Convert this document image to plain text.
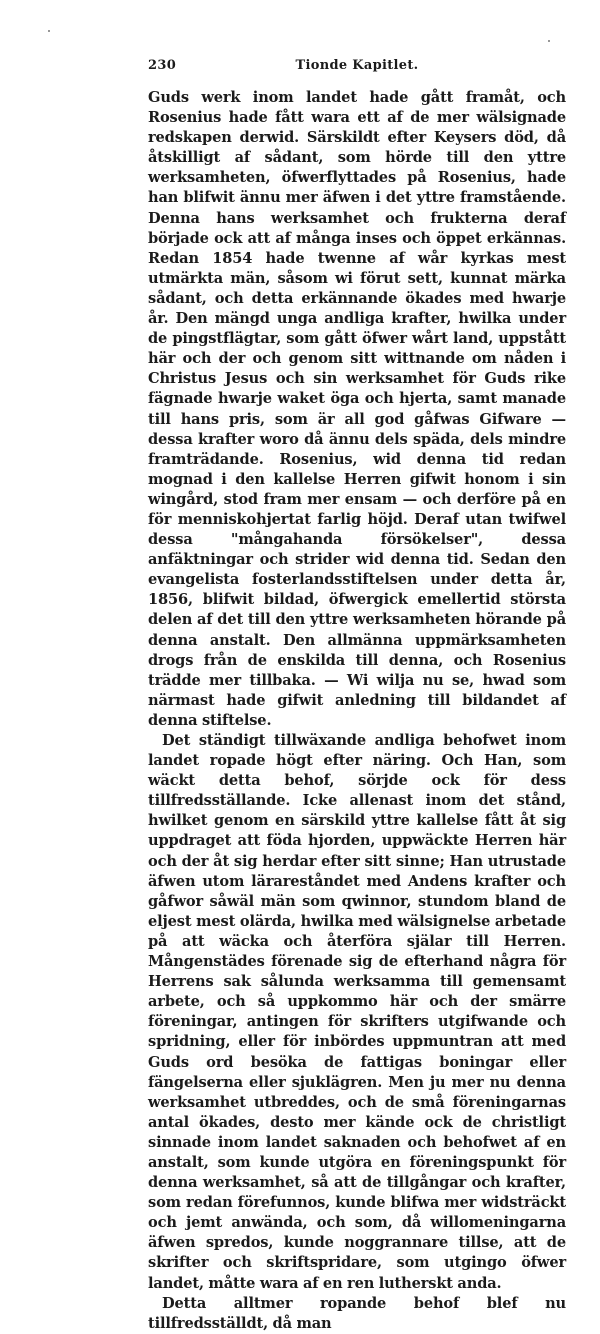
230	Tionde Kapitlet.

Guds werk inom landet hade gått framåt, och Rosenius hade fått wara ett af de mer wälsignade redskapen derwid. Särskildt efter Keysers död, då åtskilligt af sådant, som hörde till den yttre werksamheten, öfwerflyttades på Rosenius, hade han blifwit ännu mer äfwen i det yttre framstående. Denna hans werksamhet och frukterna deraf började ock att af många inses och öppet erkännas. Redan 1854 hade twenne af wår kyrkas mest utmärkta män, såsom wi förut sett, kunnat märka sådant, och detta erkännande ökades med hwarje år. Den mängd unga andliga krafter, hwilka under de pingstflägtar, som gått öfwer wårt land, uppstått här och der och genom sitt wittnande om nåden i Christus Jesus och sin werksamhet för Guds rike fägnade hwarje waket öga och hjerta, samt manade till hans pris, som är all god gåfwas Gifware — dessa krafter woro då ännu dels späda, dels mindre framträdande. Rosenius, wid denna tid redan mognad i den kallelse Herren gifwit honom i sin wingård, stod fram mer ensam — och derföre på en för menniskohjertat farlig höjd. Deraf utan twifwel dessa "mångahanda försökelser", dessa anfäktningar och strider wid denna tid. Sedan den evangelista fosterlandsstiftelsen under detta år, 1856, blifwit bildad, öfwergick emellertid största delen af det till den yttre werksamheten hörande på denna anstalt. Den allmänna uppmärksamheten drogs från de enskilda till denna, och Rosenius trädde mer tillbaka. — Wi wilja nu se, hwad som närmast hade gifwit anledning till bildandet af denna stiftelse.

Det ständigt tillwäxande andliga behofwet inom landet ropade högt efter näring. Och Han, som wäckt detta behof, sörjde ock för dess tillfredsställande. Icke allenast inom det stånd, hwilket genom en särskild yttre kallelse fått åt sig uppdraget att föda hjorden, uppwäckte Herren här och der åt sig herdar efter sitt sinne; Han utrustade äfwen utom lärareståndet med Andens krafter och gåfwor såwäl män som qwinnor, stundom bland de eljest mest olärda, hwilka med wälsignelse arbetade på att wäcka och återföra själar till Herren. Mångenstädes förenade sig de efterhand några för Herrens sak sålunda werksamma till gemensamt arbete, och så uppkommo här och der smärre föreningar, antingen för skrifters utgifwande och spridning, eller för inbördes uppmuntran att med Guds ord besöka de fattigas boningar eller fängelserna eller sjuklägren. Men ju mer nu denna werksamhet utbreddes, och de små föreningarnas antal ökades, desto mer kände ock de christligt sinnade inom landet saknaden och behofwet af en anstalt, som kunde utgöra en föreningspunkt för denna werksamhet, så att de tillgångar och krafter, som redan förefunnos, kunde blifwa mer widsträckt och jemt anwända, och som, då willomeningarna äfwen spredos, kunde noggrannare tillse, att de skrifter och skriftspridare, som utgingo öfwer landet, måtte wara af en ren lutherskt anda.

Detta alltmer ropande behof blef nu tillfredsställdt, då man
